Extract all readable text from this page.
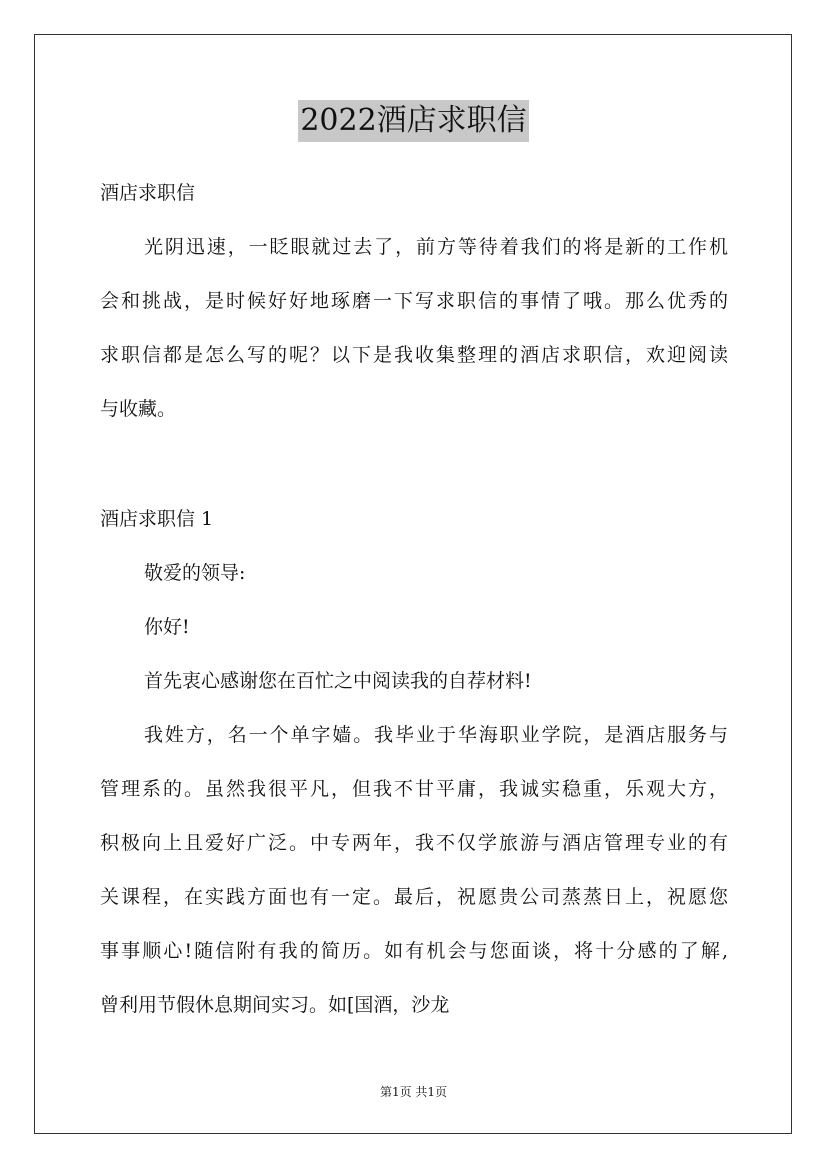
2022酒店求职信
酒店求职信
光阴迅速，一眨眼就过去了，前方等待着我们的将是新的工作机
会和挑战，是时候好好地琢磨一下写求职信的事情了哦。那么优秀的
求职信都是怎么写的呢？以下是我收集整理的酒店求职信，欢迎阅读
与收藏。
酒店求职信 1
敬爱的领导:
你好!
首先衷心感谢您在百忙之中阅读我的自荐材料!
我姓方，名一个单字嫱。我毕业于华海职业学院，是酒店服务与
管理系的。虽然我很平凡，但我不甘平庸，我诚实稳重，乐观大方，
积极向上且爱好广泛。中专两年，我不仅学旅游与酒店管理专业的有
关课程，在实践方面也有一定。最后，祝愿贵公司蒸蒸日上，祝愿您
事事顺心!随信附有我的简历。如有机会与您面谈，将十分感的了解,
曾利用节假休息期间实习。如[国酒，沙龙
第1页 共1页
